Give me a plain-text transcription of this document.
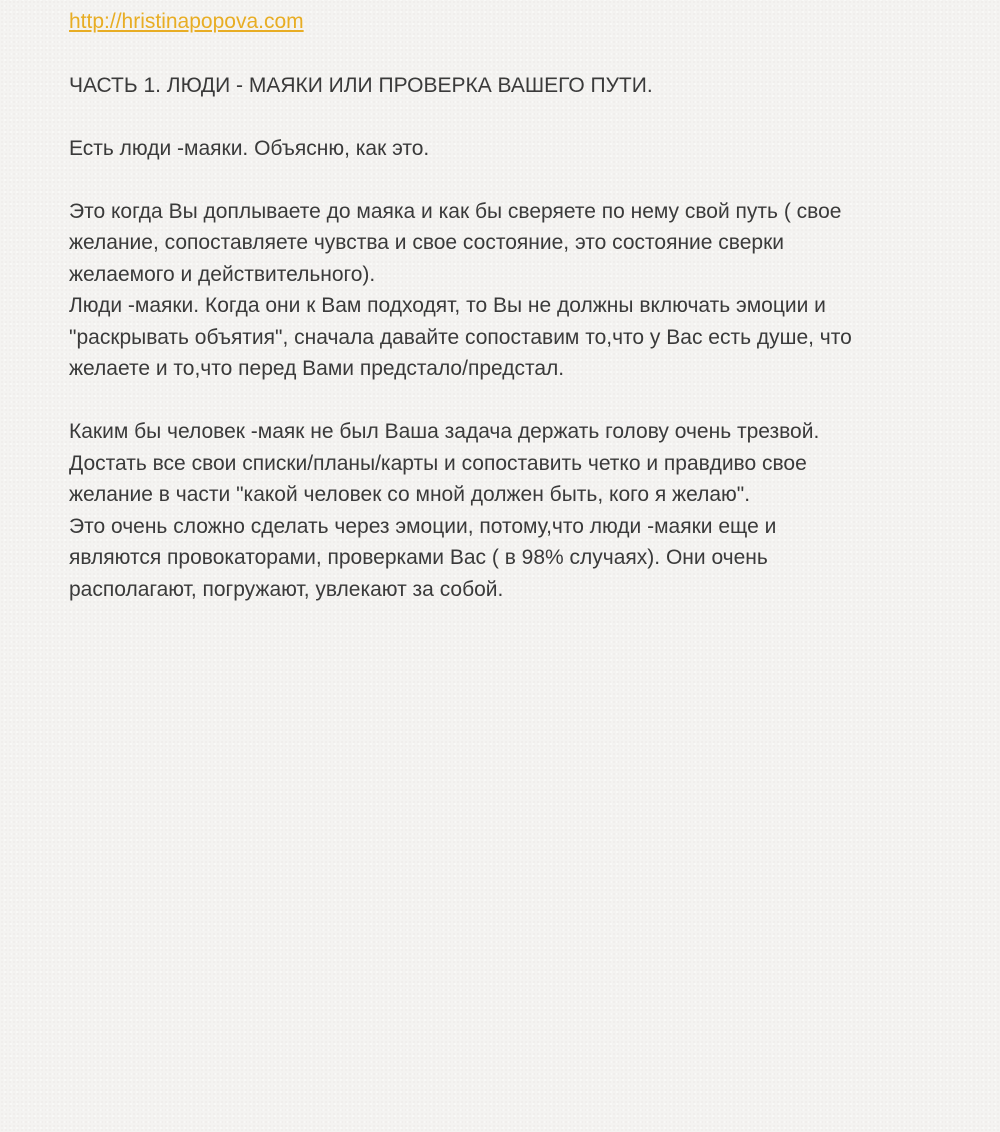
http://hristinapopova.com

ЧАСТЬ 1. ЛЮДИ - МАЯКИ ИЛИ ПРОВЕРКА ВАШЕГО ПУТИ.

Есть люди -маяки. Объясню, как это.

Это когда Вы доплываете до маяка и как бы сверяете по нему свой путь ( свое

желание, сопоставляете чувства и свое состояние, это состояние сверки

желаемого и действительного).

Люди -маяки. Когда они к Вам подходят, то Вы не должны включать эмоции и

"раскрывать объятия", сначала давайте сопоставим то,что у Вас есть душе, что

желаете и то,что перед Вами предстало/предстал.

Каким бы человек -маяк не был Ваша задача держать голову очень трезвой.

Достать все свои списки/планы/карты и сопоставить четко и правдиво свое

желание в части "какой человек со мной должен быть, кого я желаю".

Это очень сложно сделать через эмоции, потому,что люди -маяки еще и

являются провокаторами, проверками Вас ( в 98% случаях). Они очень

располагают, погружают, увлекают за собой.
